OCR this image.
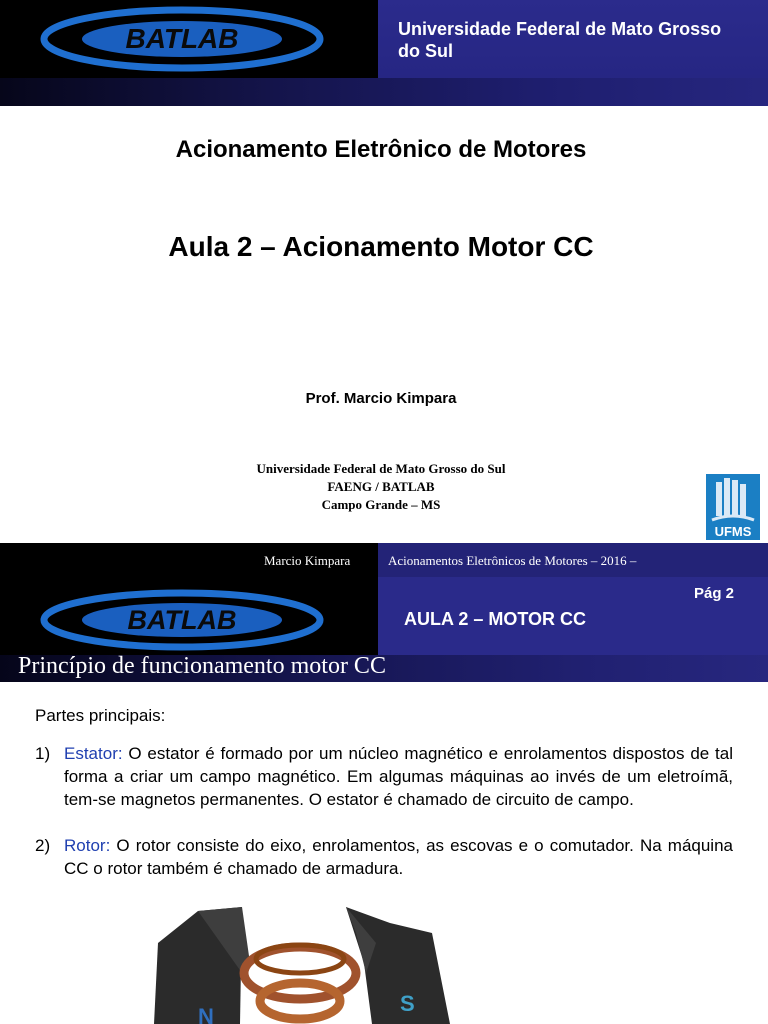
BATLAB	Universidade Federal de Mato Grosso do Sul
Acionamento Eletrônico de Motores
Aula 2 – Acionamento Motor CC
Prof. Marcio Kimpara
Universidade Federal de Mato Grosso do Sul
FAENG / BATLAB
Campo Grande – MS
UFMS
BATLAB
Marcio Kimpara	Acionamentos Eletrônicos de Motores – 2016 –
Pág 2
AULA 2 – MOTOR CC
Princípio de funcionamento motor CC
Partes principais:
1) Estator: O estator é formado por um núcleo magnético e enrolamentos dispostos de tal forma a criar um campo magnético. Em algumas máquinas ao invés de um eletroímã, tem-se magnetos permanentes. O estator é chamado de circuito de campo.
2) Rotor: O rotor consiste do eixo, enrolamentos, as escovas e o comutador. Na máquina CC o rotor também é chamado de armadura.
N
S
